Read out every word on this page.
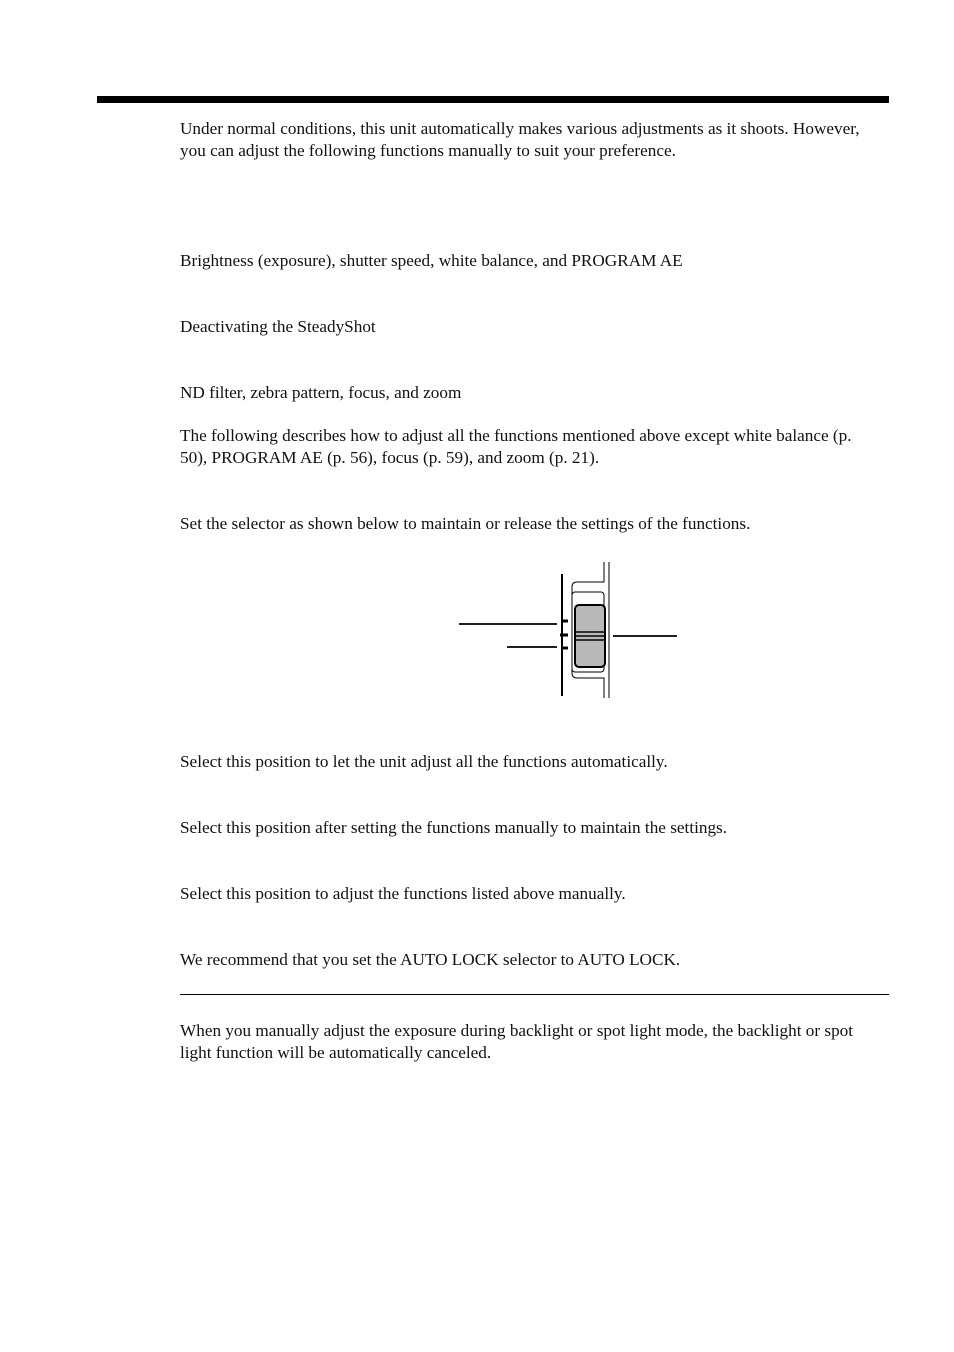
Under normal conditions, this unit automatically makes various adjustments as it shoots. However, you can adjust the following functions manually to suit your preference.

Brightness (exposure), shutter speed, white balance, and PROGRAM AE

Deactivating the SteadyShot

ND filter, zebra pattern, focus, and zoom

The following describes how to adjust all the functions mentioned above except white balance (p. 50), PROGRAM AE (p. 56), focus (p. 59), and zoom (p. 21).

Set the selector as shown below to maintain or release the settings of the functions.

Select this position to let the unit adjust all the functions automatically.

Select this position after setting the functions manually to maintain the settings.

Select this position to adjust the functions listed above manually.

We recommend that you set the AUTO LOCK selector to AUTO LOCK.

When you manually adjust the exposure during backlight or spot light mode, the backlight or spot light function will be automatically canceled.
